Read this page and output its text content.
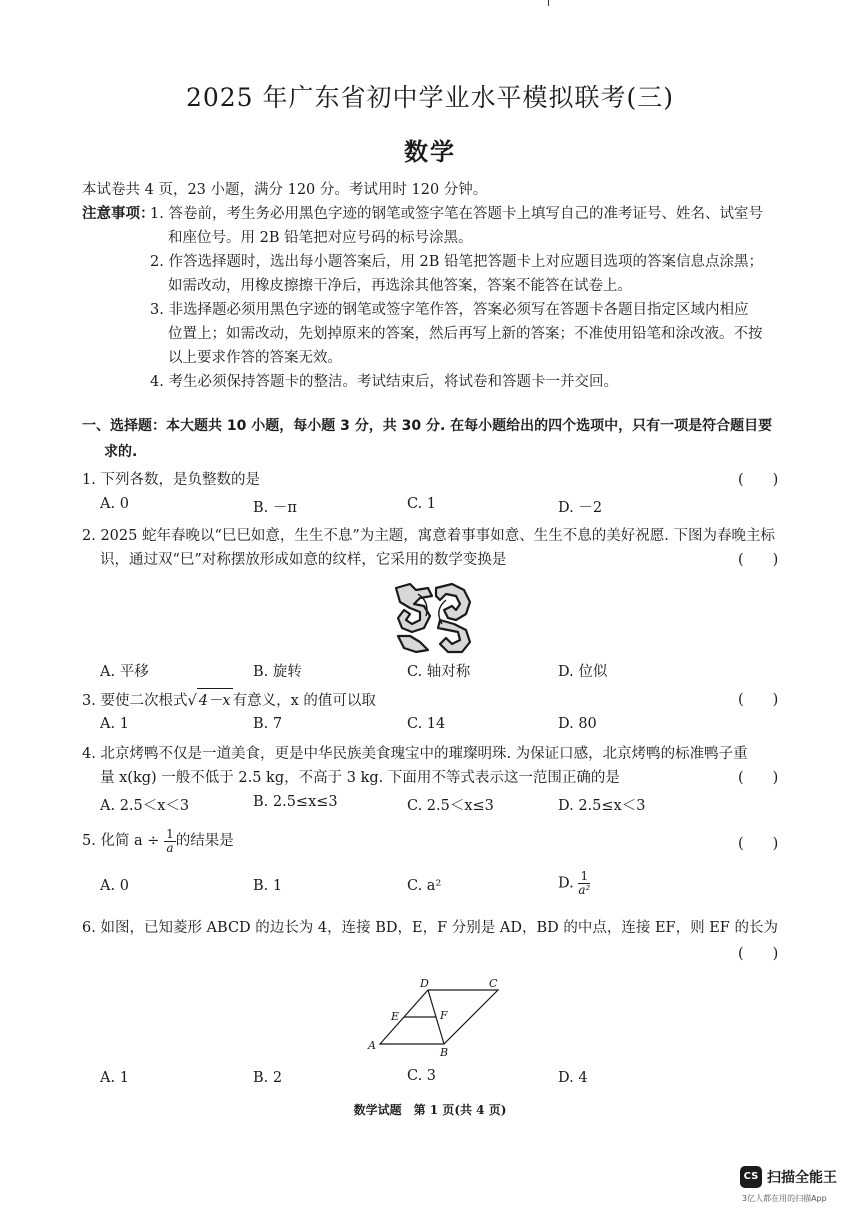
2025 年广东省初中学业水平模拟联考(三)
数学
本试卷共 4 页，23 小题，满分 120 分。考试用时 120 分钟。
注意事项：
1. 答卷前，考生务必用黑色字迹的钢笔或签字笔在答题卡上填写自己的准考证号、姓名、试室号
和座位号。用 2B 铅笔把对应号码的标号涂黑。
2. 作答选择题时，选出每小题答案后，用 2B 铅笔把答题卡上对应题目选项的答案信息点涂黑；
如需改动，用橡皮擦擦干净后，再选涂其他答案，答案不能答在试卷上。
3. 非选择题必须用黑色字迹的钢笔或签字笔作答，答案必须写在答题卡各题目指定区域内相应
位置上；如需改动，先划掉原来的答案，然后再写上新的答案；不准使用铅笔和涂改液。不按
以上要求作答的答案无效。
4. 考生必须保持答题卡的整洁。考试结束后，将试卷和答题卡一并交回。
一、选择题：本大题共 10 小题，每小题 3 分，共 30 分. 在每小题给出的四个选项中，只有一项是符合题目要
求的.
1. 下列各数，是负整数的是	(　　)
A. 0	B. －π	C. 1	D. －2
2. 2025 蛇年春晚以“巳巳如意，生生不息”为主题，寓意着事事如意、生生不息的美好祝愿. 下图为春晚主标
识，通过双“巳”对称摆放形成如意的纹样，它采用的数学变换是	(　　)
A. 平移	B. 旋转	C. 轴对称	D. 位似
3. 要使二次根式√ 4－x 有意义，x 的值可以取	(　　)
A. 1	B. 7	C. 14	D. 80
4. 北京烤鸭不仅是一道美食，更是中华民族美食瑰宝中的璀璨明珠. 为保证口感，北京烤鸭的标准鸭子重
量 x(kg) 一般不低于 2.5 kg，不高于 3 kg. 下面用不等式表示这一范围正确的是	(　　)
A. 2.5＜x＜3	B. 2.5≤x≤3	C. 2.5＜x≤3	D. 2.5≤x＜3
5. 化简 $a \div \frac{1}{a}$ 的结果是	(　　)
A. 0	B. 1	C. a²	D. $\frac{1}{\text{a²}}$
6. 如图，已知菱形 ABCD 的边长为 4，连接 BD，E，F 分别是 AD，BD 的中点，连接 EF，则 EF 的长为
(　　)
D	C
E	F
A
B
A. 1	B. 2	C. 3	D. 4
数学试题　第 1 页(共 4 页)
CS 扫描全能王
3亿人都在用的扫描App
